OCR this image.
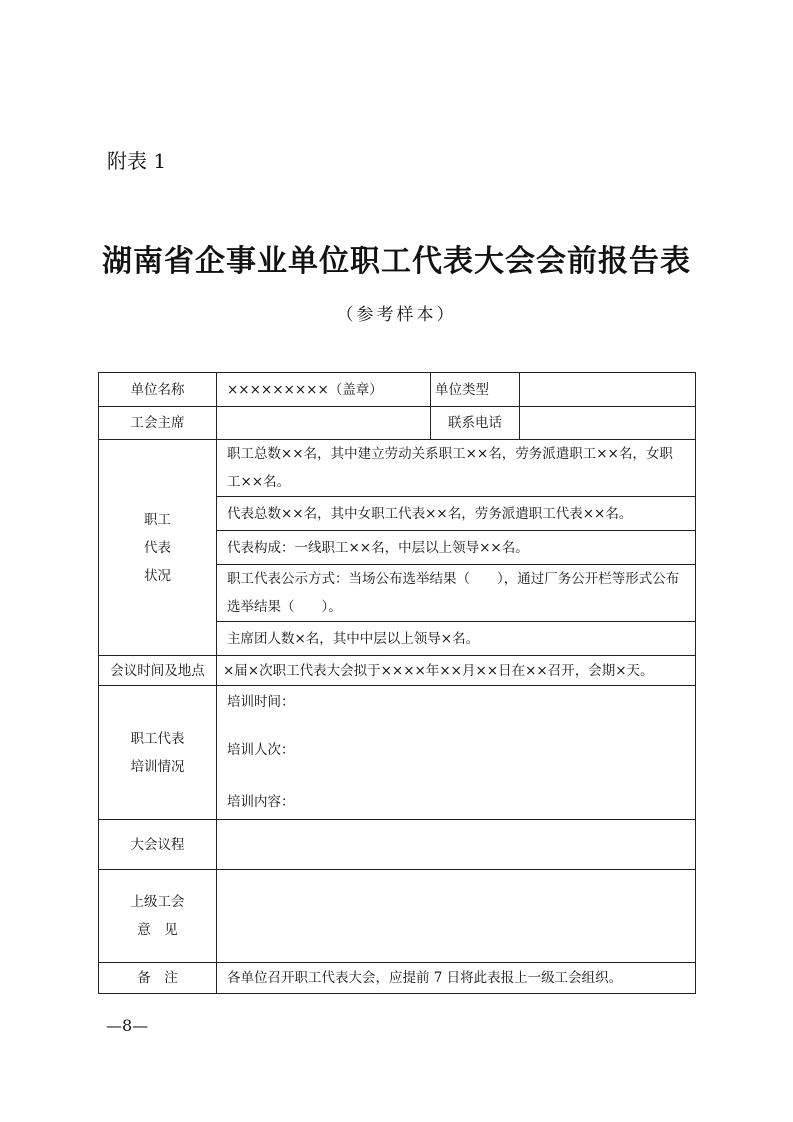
附表 1
湖南省企事业单位职工代表大会会前报告表
（参考样本）
单位名称	×××××××××（盖章）	单位类型	
工会主席		联系电话	

职工
代表
状况	职工总数××名，其中建立劳动关系职工××名，劳务派遣职工××名，女职工××名。		
	代表总数××名，其中女职工代表××名，劳务派遣职工代表××名。		
	代表构成：一线职工××名，中层以上领导××名。		
	职工代表公示方式：当场公布选举结果（　　），通过厂务公开栏等形式公布选举结果（　　）。		
	主席团人数×名，其中中层以上领导×名。		
会议时间及地点	×届×次职工代表大会拟于××××年××月××日在××召开，会期×天。		

职工代表
培训情况	培训时间：
培训人次：
培训内容：		

大会议程			

上级工会
意　见			

备　注	各单位召开职工代表大会，应提前 7 日将此表报上一级工会组织。		
—8—
